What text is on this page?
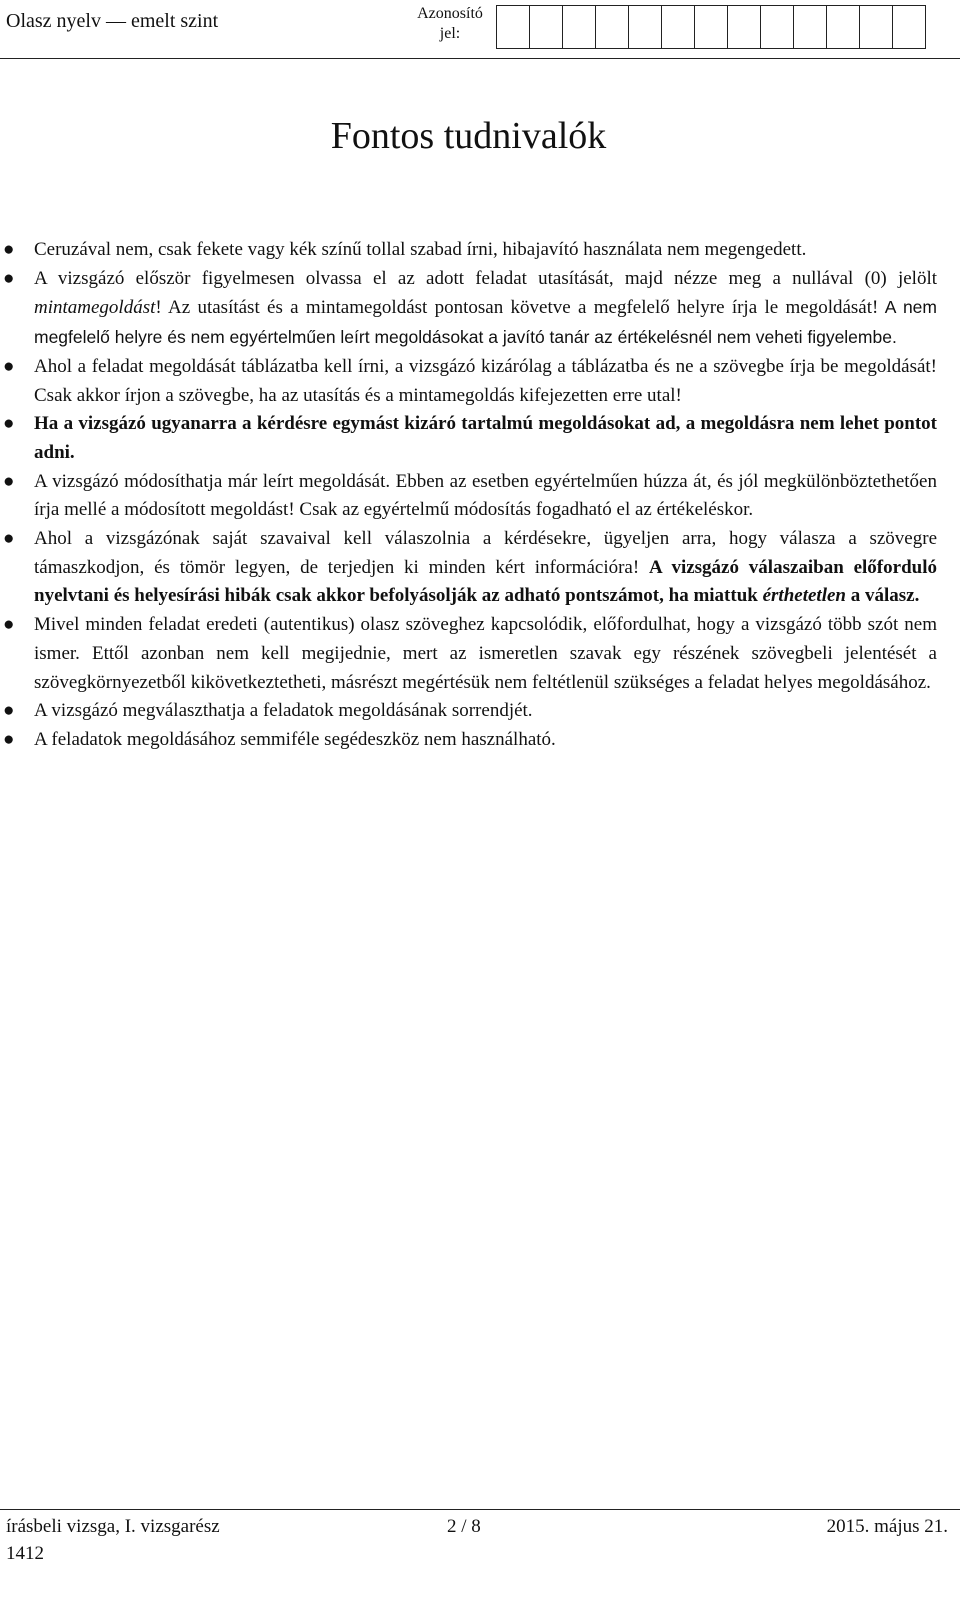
Olasz nyelv — emelt szint	Azonosító jel:
Fontos tudnivalók
● Ceruzával nem, csak fekete vagy kék színű tollal szabad írni, hibajavító használata nem megengedett.
● A vizsgázó először figyelmesen olvassa el az adott feladat utasítását, majd nézze meg a nullával (0) jelölt mintamegoldást! Az utasítást és a mintamegoldást pontosan követve a megfelelő helyre írja le megoldását! A nem megfelelő helyre és nem egyértelműen leírt megoldásokat a javító tanár az értékelésnél nem veheti figyelembe.
● Ahol a feladat megoldását táblázatba kell írni, a vizsgázó kizárólag a táblázatba és ne a szövegbe írja be megoldását! Csak akkor írjon a szövegbe, ha az utasítás és a mintamegoldás kifejezetten erre utal!
● Ha a vizsgázó ugyanarra a kérdésre egymást kizáró tartalmú megoldásokat ad, a megoldásra nem lehet pontot adni.
● A vizsgázó módosíthatja már leírt megoldását. Ebben az esetben egyértelműen húzza át, és jól megkülönböztethetően írja mellé a módosított megoldást! Csak az egyértelmű módosítás fogadható el az értékeléskor.
● Ahol a vizsgázónak saját szavaival kell válaszolnia a kérdésekre, ügyeljen arra, hogy válasza a szövegre támaszkodjon, és tömör legyen, de terjedjen ki minden kért információra! A vizsgázó válaszaiban előforduló nyelvtani és helyesírási hibák csak akkor befolyásolják az adható pontszámot, ha miattuk érthetetlen a válasz.
● Mivel minden feladat eredeti (autentikus) olasz szöveghez kapcsolódik, előfordulhat, hogy a vizsgázó több szót nem ismer. Ettől azonban nem kell megijednie, mert az ismeretlen szavak egy részének szövegbeli jelentését a szövegkörnyezetből kikövetkeztetheti, másrészt megértésük nem feltétlenül szükséges a feladat helyes megoldásához.
● A vizsgázó megválaszthatja a feladatok megoldásának sorrendjét.
● A feladatok megoldásához semmiféle segédeszköz nem használható.
írásbeli vizsga, I. vizsgarész	2 / 8	2015. május 21.
1412
